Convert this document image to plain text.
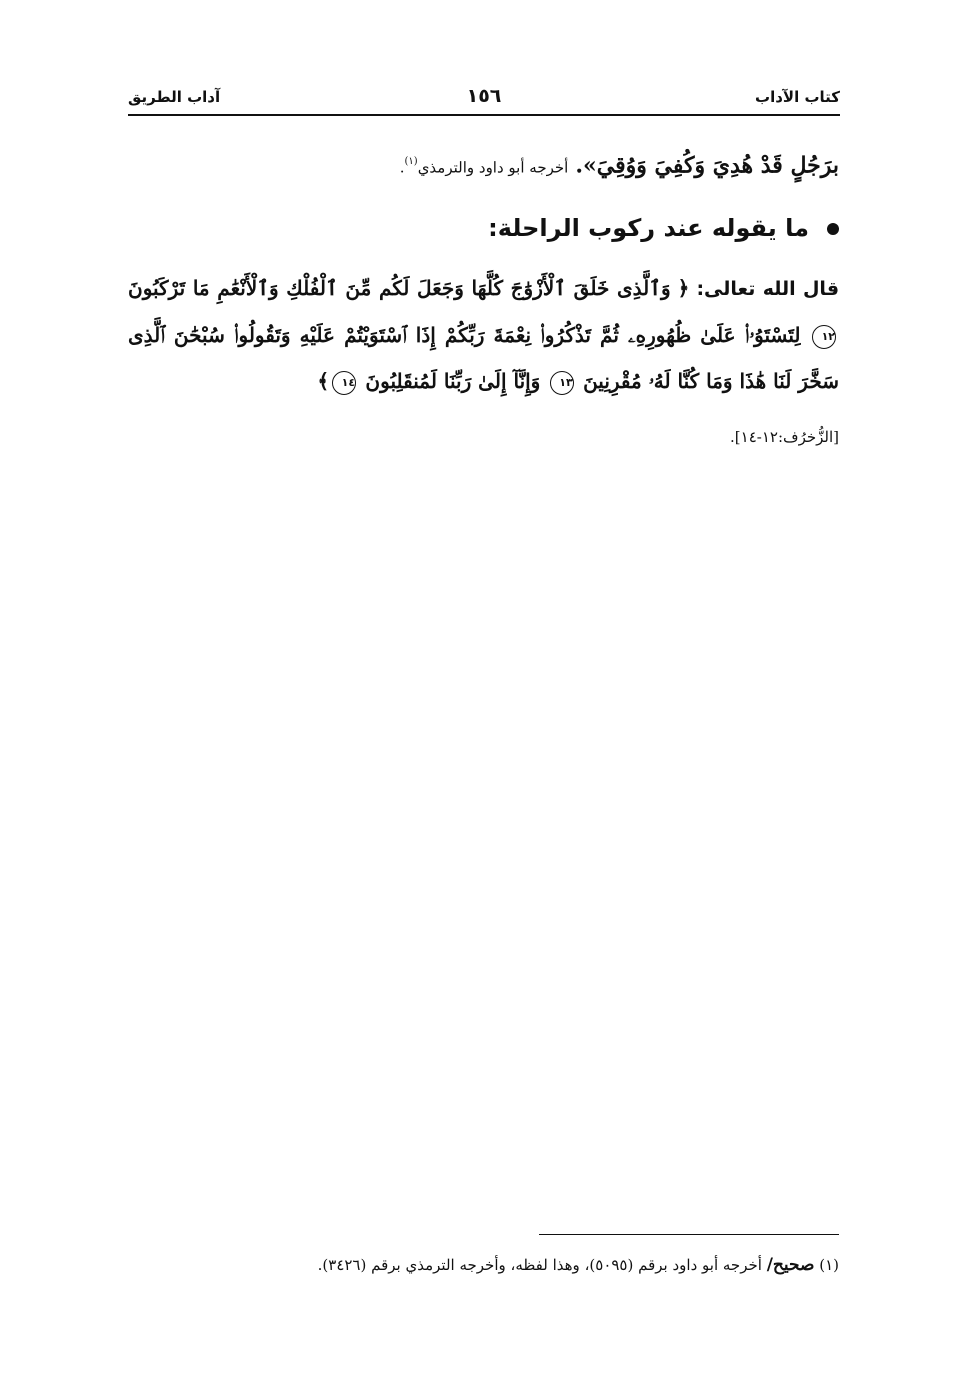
كتاب الآداب
١٥٦
آداب الطريق
برَجُلٍ قَدْ هُدِيَ وَكُفِيَ وَوُقِيَ». أخرجه أبو داود والترمذي$^{(١)}$.
ما يقوله عند ركوب الراحلة:
قال الله تعالى: ﴿ وَٱلَّذِى خَلَقَ ٱلْأَزْوَٰجَ كُلَّهَا وَجَعَلَ لَكُم مِّنَ ٱلْفُلْكِ وَٱلْأَنْعَٰمِ مَا تَرْكَبُونَ ١٢ لِتَسْتَوُۥا۟ عَلَىٰ ظُهُورِهِۦ ثُمَّ تَذْكُرُوا۟ نِعْمَةَ رَبِّكُمْ إِذَا ٱسْتَوَيْتُمْ عَلَيْهِ وَتَقُولُوا۟ سُبْحَٰنَ ٱلَّذِى سَخَّرَ لَنَا هَٰذَا وَمَا كُنَّا لَهُۥ مُقْرِنِينَ ١٣ وَإِنَّآ إِلَىٰ رَبِّنَا لَمُنقَلِبُونَ ١٤﴾
[الزُّخرُف:١٢-١٤].
(١) صحيح/ أخرجه أبو داود برقم (٥٠٩٥)، وهذا لفظه، وأخرجه الترمذي برقم (٣٤٢٦).
